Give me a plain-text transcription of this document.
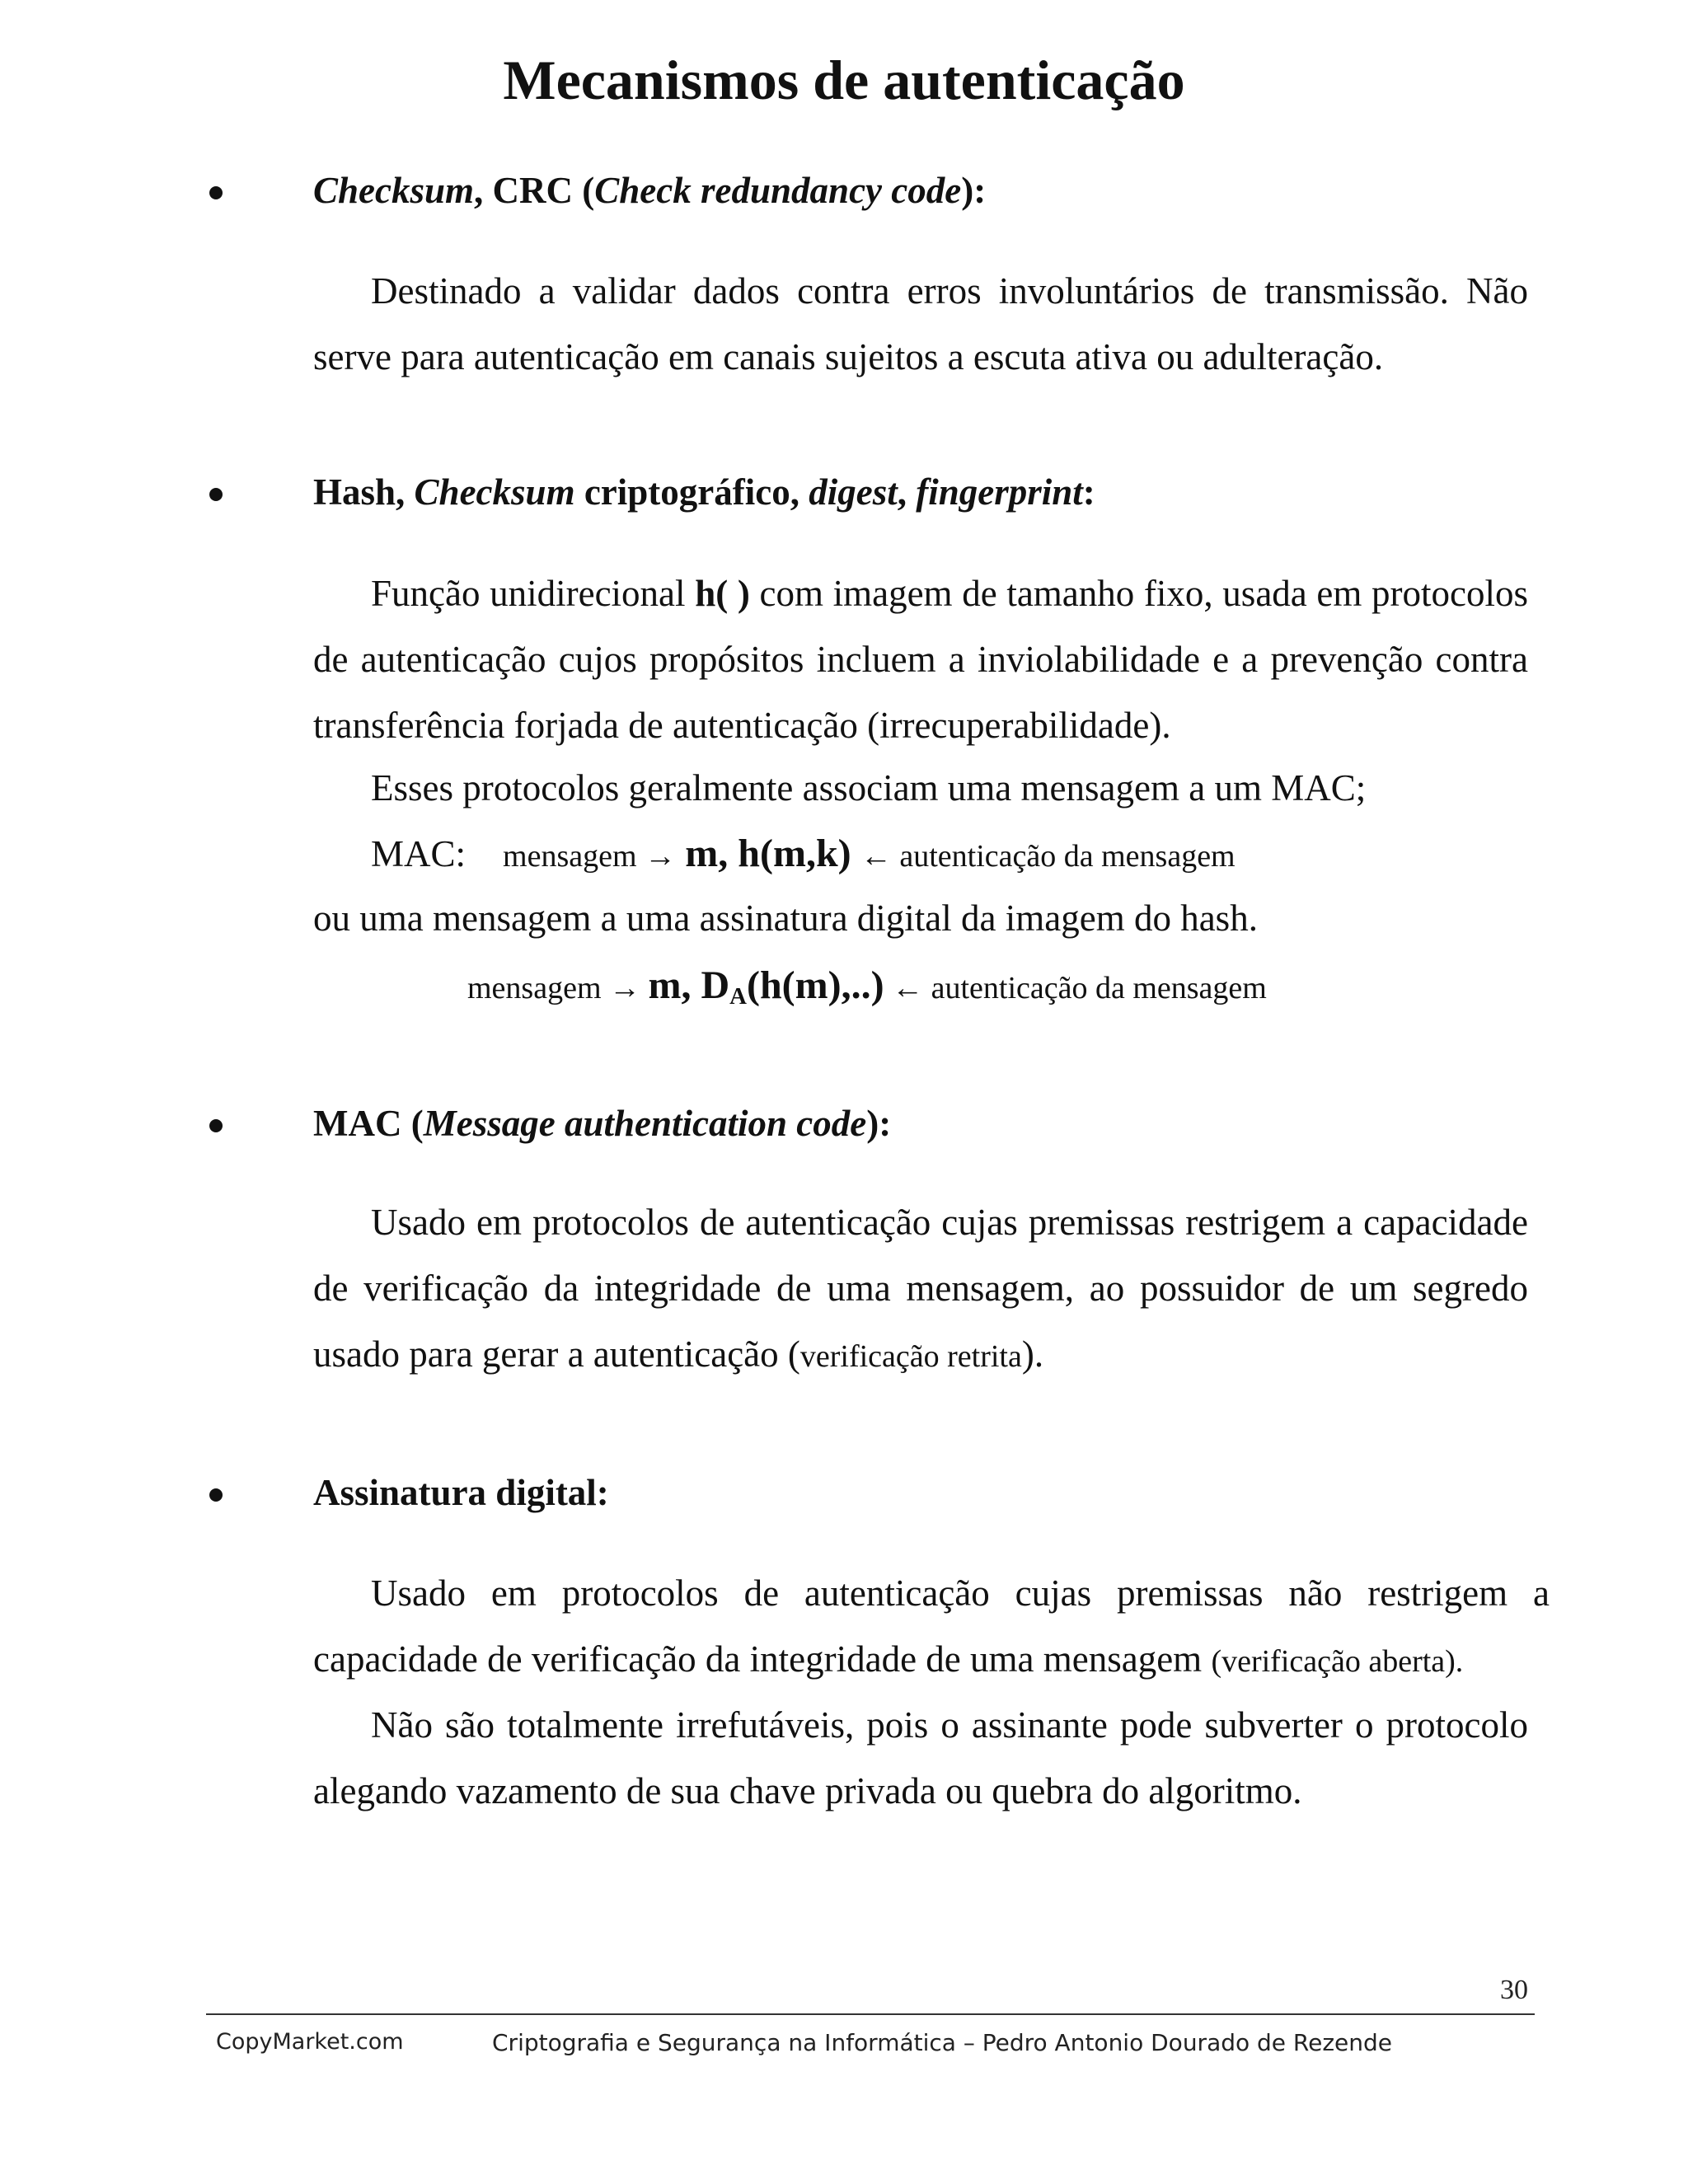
Mecanismos de autenticação
Checksum, CRC (Check redundancy code):

Destinado a validar dados contra erros involuntários de transmissão. Não serve para autenticação em canais sujeitos a escuta ativa ou adulteração.

Hash, Checksum criptográfico, digest, fingerprint:

Função unidirecional h( ) com imagem de tamanho fixo, usada em protocolos de autenticação cujos propósitos incluem a inviolabilidade e a prevenção contra transferência forjada de autenticação (irrecuperabilidade).

Esses protocolos geralmente associam uma mensagem a um MAC;
MAC: mensagem → m, h(m,k) ← autenticação da mensagem
ou uma mensagem a uma assinatura digital da imagem do hash.
mensagem → m, $D_A(h(m),..)$ ← autenticação da mensagem
MAC (Message authentication code):

Usado em protocolos de autenticação cujas premissas restrigem a capacidade de verificação da integridade de uma mensagem, ao possuidor de um segredo usado para gerar a autenticação (verificação retrita).

Assinatura digital:

Usado em protocolos de autenticação cujas premissas não restrigem a capacidade de verificação da integridade de uma mensagem (verificação aberta).

Não são totalmente irrefutáveis, pois o assinante pode subverter o protocolo alegando vazamento de sua chave privada ou quebra do algoritmo.

30
CopyMarket.com	Criptografia e Segurança na Informática – Pedro Antonio Dourado de Rezende
